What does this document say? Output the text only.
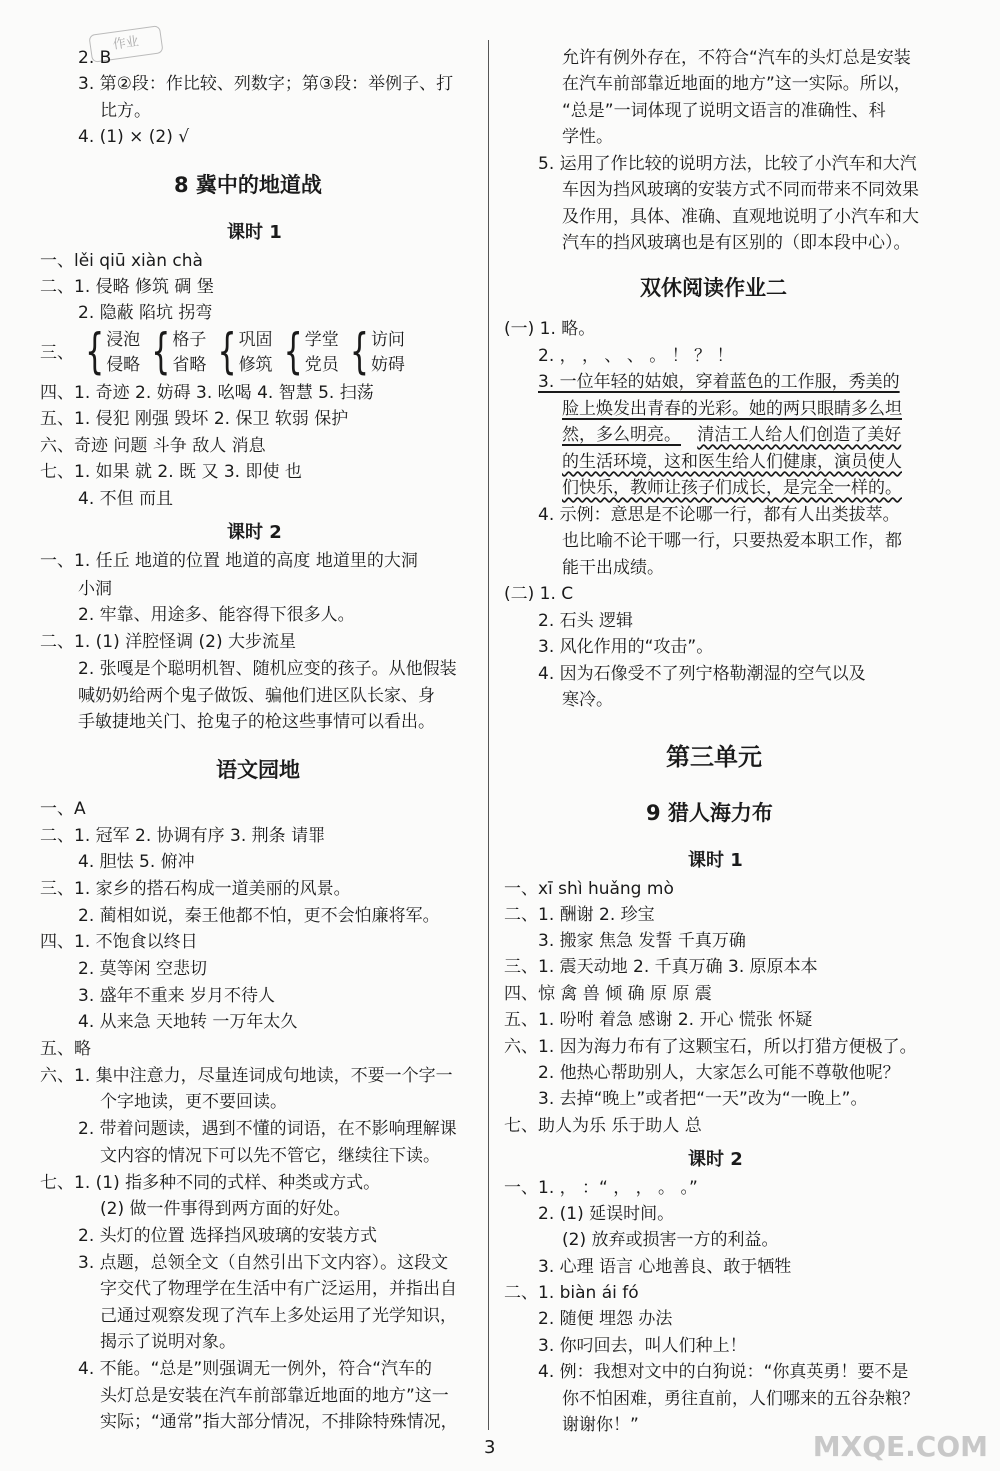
作业
2. B
3. 第②段：作比较、列数字；第③段：举例子、打
比方。
4. (1) × (2) √
8 冀中的地道战
课时 1
一、lěi qiū xiàn chà
二、1. 侵略 修筑 碉 堡
2. 隐蔽 陷坑 拐弯
三、 { 浸泡
侵略 { 格子
省略 { 巩固
修筑 { 学堂
党员 { 访问
妨碍
四、1. 奇迹 2. 妨碍 3. 吆喝 4. 智慧 5. 扫荡
五、1. 侵犯 刚强 毁坏 2. 保卫 软弱 保护
六、奇迹 问题 斗争 敌人 消息
七、1. 如果 就 2. 既 又 3. 即使 也
4. 不但 而且
课时 2
一、1. 任丘 地道的位置 地道的高度 地道里的大洞
小洞
2. 牢靠、用途多、能容得下很多人。
二、1. (1) 洋腔怪调 (2) 大步流星
2. 张嘎是个聪明机智、随机应变的孩子。从他假装
喊奶奶给两个鬼子做饭、骗他们进区队长家、身
手敏捷地关门、抢鬼子的枪这些事情可以看出。
语文园地
一、A
二、1. 冠军 2. 协调有序 3. 荆条 请罪
4. 胆怯 5. 俯冲
三、1. 家乡的搭石构成一道美丽的风景。
2. 蔺相如说，秦王他都不怕，更不会怕廉将军。
四、1. 不饱食以终日
2. 莫等闲 空悲切
3. 盛年不重来 岁月不待人
4. 从来急 天地转 一万年太久
五、略
六、1. 集中注意力，尽量连词成句地读，不要一个字一
个字地读，更不要回读。
2. 带着问题读，遇到不懂的词语，在不影响理解课
文内容的情况下可以先不管它，继续往下读。
七、1. (1) 指多种不同的式样、种类或方式。
(2) 做一件事得到两方面的好处。
2. 头灯的位置 选择挡风玻璃的安装方式
3. 点题，总领全文（自然引出下文内容）。这段文
字交代了物理学在生活中有广泛运用，并指出自
己通过观察发现了汽车上多处运用了光学知识，
揭示了说明对象。
4. 不能。“总是”则强调无一例外，符合“汽车的
头灯总是安装在汽车前部靠近地面的地方”这一
实际；“通常”指大部分情况，不排除特殊情况，
允许有例外存在，不符合“汽车的头灯总是安装
在汽车前部靠近地面的地方”这一实际。所以，
“总是”一词体现了说明文语言的准确性、科
学性。
5. 运用了作比较的说明方法，比较了小汽车和大汽
车因为挡风玻璃的安装方式不同而带来不同效果
及作用，具体、准确、直观地说明了小汽车和大
汽车的挡风玻璃也是有区别的（即本段中心）。
双休阅读作业二
(一) 1. 略。
2. ， ， 、 、 。 ！ ？ ！
3. 一位年轻的姑娘，穿着蓝色的工作服，秀美的
脸上焕发出青春的光彩。她的两只眼睛多么坦
然，多么明亮。 清洁工人给人们创造了美好
的生活环境，这和医生给人们健康，演员使人
们快乐，教师让孩子们成长，是完全一样的。
4. 示例：意思是不论哪一行，都有人出类拔萃。
也比喻不论干哪一行，只要热爱本职工作，都
能干出成绩。
(二) 1. C
2. 石头 逻辑
3. 风化作用的“攻击”。
4. 因为石像受不了列宁格勒潮湿的空气以及
寒冷。
第三单元
9 猎人海力布
课时 1
一、xī shì huǎng mò
二、1. 酬谢 2. 珍宝
3. 搬家 焦急 发誓 千真万确
三、1. 震天动地 2. 千真万确 3. 原原本本
四、惊 禽 兽 倾 确 原 原 震
五、1. 吩咐 着急 感谢 2. 开心 慌张 怀疑
六、1. 因为海力布有了这颗宝石，所以打猎方便极了。
2. 他热心帮助别人，大家怎么可能不尊敬他呢？
3. 去掉“晚上”或者把“一天”改为“一晚上”。
七、助人为乐 乐于助人 总
课时 2
一、1. ， ：“ ， ， 。 。”
2. (1) 延误时间。
(2) 放弃或损害一方的利益。
3. 心理 语言 心地善良、敢于牺牲
二、1. biàn ái fó
2. 随便 埋怨 办法
3. 你叼回去，叫人们种上！
4. 例：我想对文中的白狗说：“你真英勇！要不是
你不怕困难，勇往直前，人们哪来的五谷杂粮？
谢谢你！”
3	MXQE.COM
